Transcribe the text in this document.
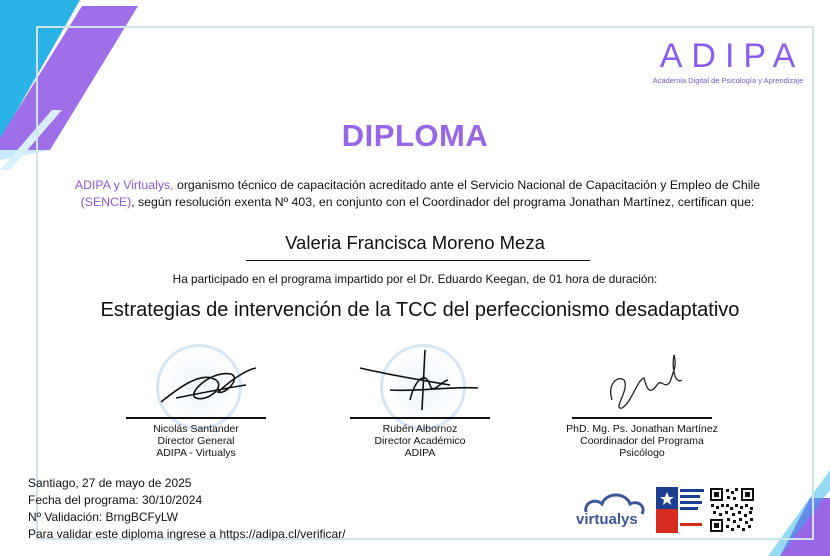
ADIPA
Academia Digital de Psicología y Aprendizaje
DIPLOMA
ADIPA y Virtualys, organismo técnico de capacitación acreditado ante el Servicio Nacional de Capacitación y Empleo de Chile (SENCE), según resolución exenta Nº 403, en conjunto con el Coordinador del programa Jonathan Martínez, certifican que:
Valeria Francisca Moreno Meza
Ha participado en el programa impartido por el Dr. Eduardo Keegan, de 01 hora de duración:
Estrategias de intervención de la TCC del perfeccionismo desadaptativo
Nicolás Santander
Director General
ADIPA - Virtualys
Rubén Albornoz
Director Académico
ADIPA
PhD. Mg. Ps. Jonathan Martínez
Coordinador del Programa
Psicólogo
Santiago, 27 de mayo de 2025
Fecha del programa: 30/10/2024
Nº Validación: BrngBCFyLW
Para validar este diploma ingrese a https://adipa.cl/verificar/
virtualys
